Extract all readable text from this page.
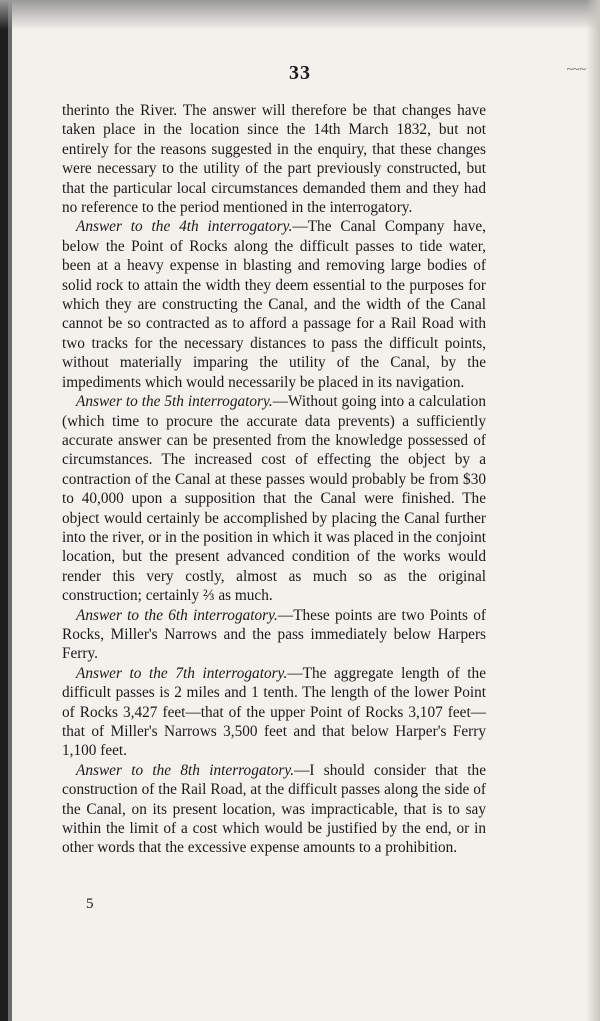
33	~~~

therinto the River. The answer will therefore be that changes have taken place in the location since the 14th March 1832, but not entirely for the reasons suggested in the enquiry, that these changes were necessary to the utility of the part previously constructed, but that the particular local circumstances demanded them and they had no reference to the period mentioned in the interrogatory.

Answer to the 4th interrogatory.—The Canal Company have, below the Point of Rocks along the difficult passes to tide water, been at a heavy expense in blasting and removing large bodies of solid rock to attain the width they deem essential to the purposes for which they are constructing the Canal, and the width of the Canal cannot be so contracted as to afford a passage for a Rail Road with two tracks for the necessary distances to pass the difficult points, without materially imparing the utility of the Canal, by the impediments which would necessarily be placed in its navigation.

Answer to the 5th interrogatory.—Without going into a calculation (which time to procure the accurate data prevents) a sufficiently accurate answer can be presented from the knowledge possessed of circumstances. The increased cost of effecting the object by a contraction of the Canal at these passes would probably be from $30 to 40,000 upon a supposition that the Canal were finished. The object would certainly be accomplished by placing the Canal further into the river, or in the position in which it was placed in the conjoint location, but the present advanced condition of the works would render this very costly, almost as much so as the original construction; certainly ⅔ as much.

Answer to the 6th interrogatory.—These points are two Points of Rocks, Miller's Narrows and the pass immediately below Harpers Ferry.

Answer to the 7th interrogatory.—The aggregate length of the difficult passes is 2 miles and 1 tenth. The length of the lower Point of Rocks 3,427 feet—that of the upper Point of Rocks 3,107 feet—that of Miller's Narrows 3,500 feet and that below Harper's Ferry 1,100 feet.

Answer to the 8th interrogatory.—I should consider that the construction of the Rail Road, at the difficult passes along the side of the Canal, on its present location, was impracticable, that is to say within the limit of a cost which would be justified by the end, or in other words that the excessive expense amounts to a prohibition.

5
